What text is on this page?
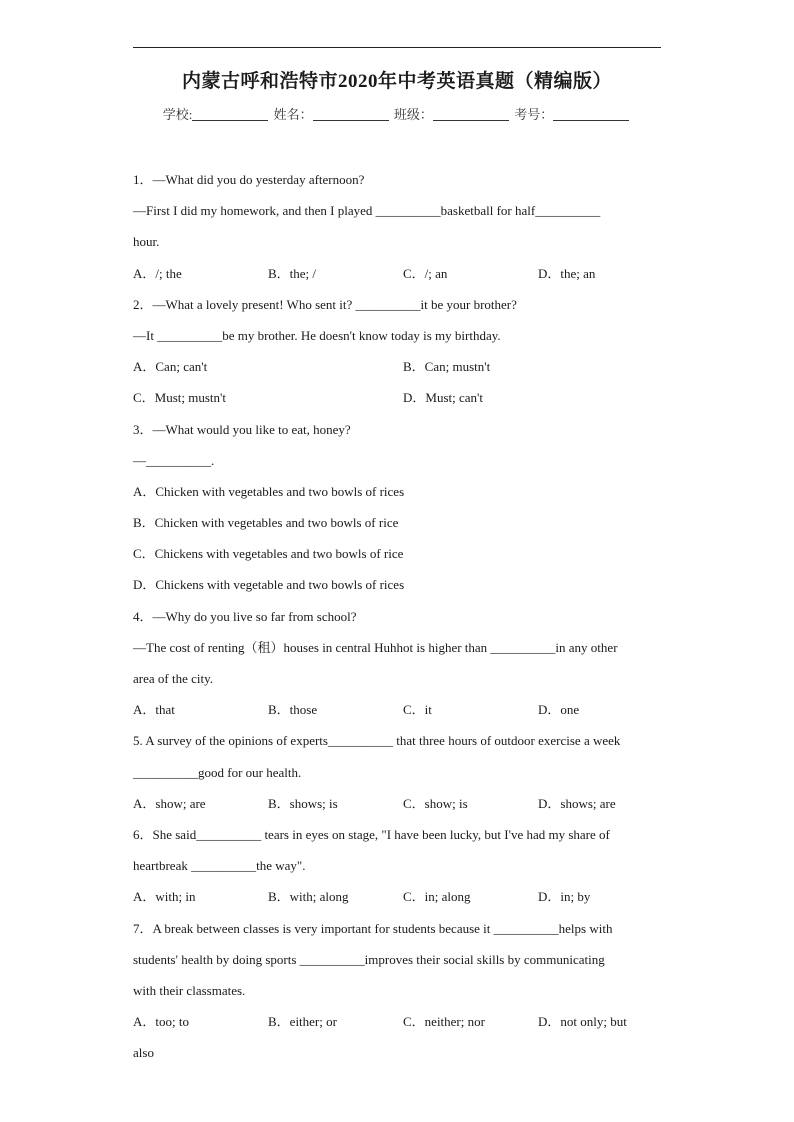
内蒙古呼和浩特市2020年中考英语真题（精编版）
学校:	姓名：	班级：	考号：
1．—What did you do yesterday afternoon?
—First I did my homework, and then I played __________basketball for half__________
hour.
A．/; the	B．the; /	C．/; an	D．the; an
2．—What a lovely present! Who sent it? __________it be your brother?
—It __________be my brother. He doesn't know today is my birthday.
A．Can; can't	B．Can; mustn't
C．Must; mustn't	D．Must; can't
3．—What would you like to eat, honey?
—__________.
A．Chicken with vegetables and two bowls of rices
B．Chicken with vegetables and two bowls of rice
C．Chickens with vegetables and two bowls of rice
D．Chickens with vegetable and two bowls of rices
4．—Why do you live so far from school?
—The cost of renting（租）houses in central Huhhot is higher than __________in any other
area of the city.
A．that	B．those	C．it	D．one
5. A survey of the opinions of experts__________ that three hours of outdoor exercise a week
__________good for our health.
A．show; are	B．shows; is	C．show; is	D．shows; are
6．She said__________ tears in eyes on stage, "I have been lucky, but I've had my share of
heartbreak __________the way".
A．with; in	B．with; along	C．in; along	D．in; by
7．A break between classes is very important for students because it __________helps with
students' health by doing sports __________improves their social skills by communicating
with their classmates.
A．too; to	B．either; or	C．neither; nor	D．not only; but
also
